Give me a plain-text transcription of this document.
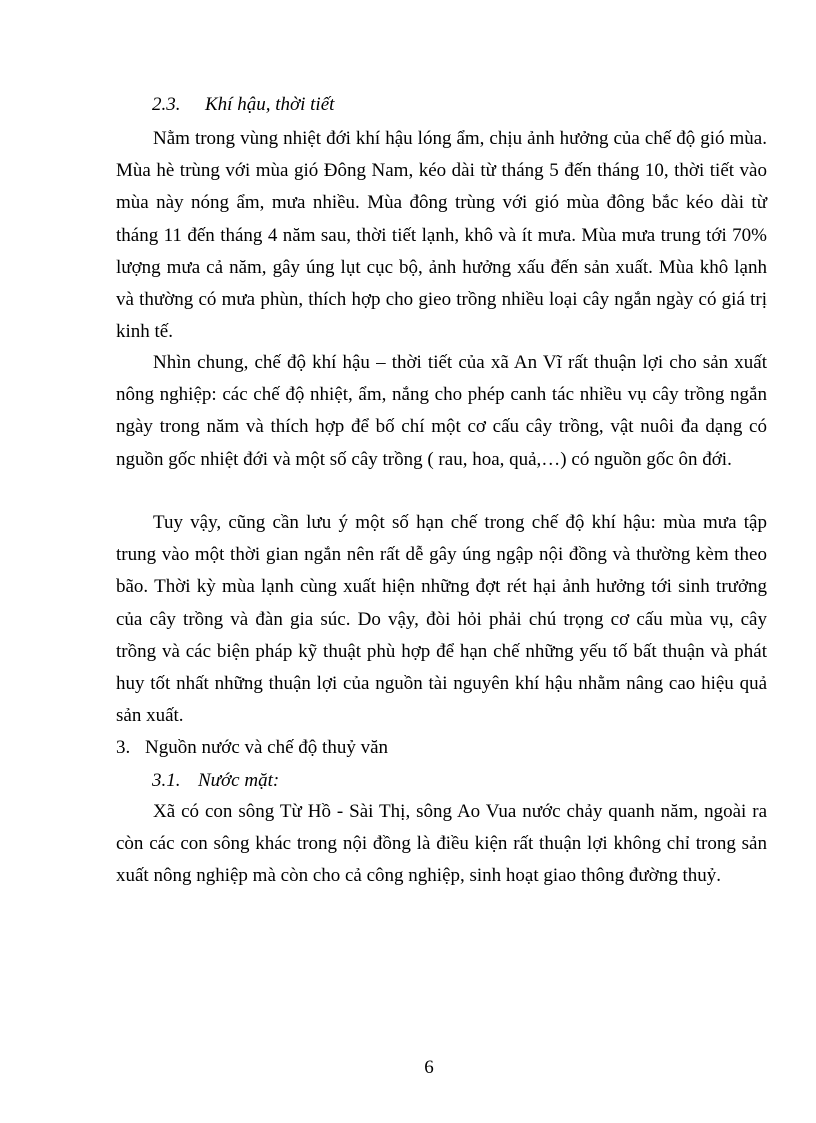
2.3. Khí hậu, thời tiết

Nằm trong vùng nhiệt đới khí hậu lóng ẩm, chịu ảnh hưởng của chế độ gió mùa. Mùa hè trùng với mùa gió Đông Nam, kéo dài từ tháng 5 đến tháng 10, thời tiết vào mùa này nóng ẩm, mưa nhiều. Mùa đông trùng với gió mùa đông bắc kéo dài từ tháng 11 đến tháng 4 năm sau, thời tiết lạnh, khô và ít mưa. Mùa mưa trung tới 70% lượng mưa cả năm, gây úng lụt cục bộ, ảnh hưởng xấu đến sản xuất. Mùa khô lạnh và thường có mưa phùn, thích hợp cho gieo trồng nhiều loại cây ngắn ngày có giá trị kinh tế.

Nhìn chung, chế độ khí hậu – thời tiết của xã An Vĩ rất thuận lợi cho sản xuất nông nghiệp: các chế độ nhiệt, ẩm, nắng cho phép canh tác nhiều vụ cây trồng ngắn ngày trong năm và thích hợp để bố chí một cơ cấu cây trồng, vật nuôi đa dạng có nguồn gốc nhiệt đới và một số cây trồng ( rau, hoa, quả,…) có nguồn gốc ôn đới.

Tuy vậy, cũng cần lưu ý một số hạn chế trong chế độ khí hậu: mùa mưa tập trung vào một thời gian ngắn nên rất dễ gây úng ngập nội đồng và thường kèm theo bão. Thời kỳ mùa lạnh cùng xuất hiện những đợt rét hại ảnh hưởng tới sinh trưởng của cây trồng và đàn gia súc. Do vậy, đòi hỏi phải chú trọng cơ cấu mùa vụ, cây trồng và các biện pháp kỹ thuật phù hợp để hạn chế những yếu tố bất thuận và phát huy tốt nhất những thuận lợi của nguồn tài nguyên khí hậu nhằm nâng cao hiệu quả sản xuất.

3. Nguồn nước và chế độ thuỷ văn
3.1. Nước mặt:

Xã có con sông Từ Hồ - Sài Thị, sông Ao Vua nước chảy quanh năm, ngoài ra còn các con sông khác trong nội đồng là điều kiện rất thuận lợi không chỉ trong sản xuất nông nghiệp mà còn cho cả công nghiệp, sinh hoạt giao thông đường thuỷ.

6
